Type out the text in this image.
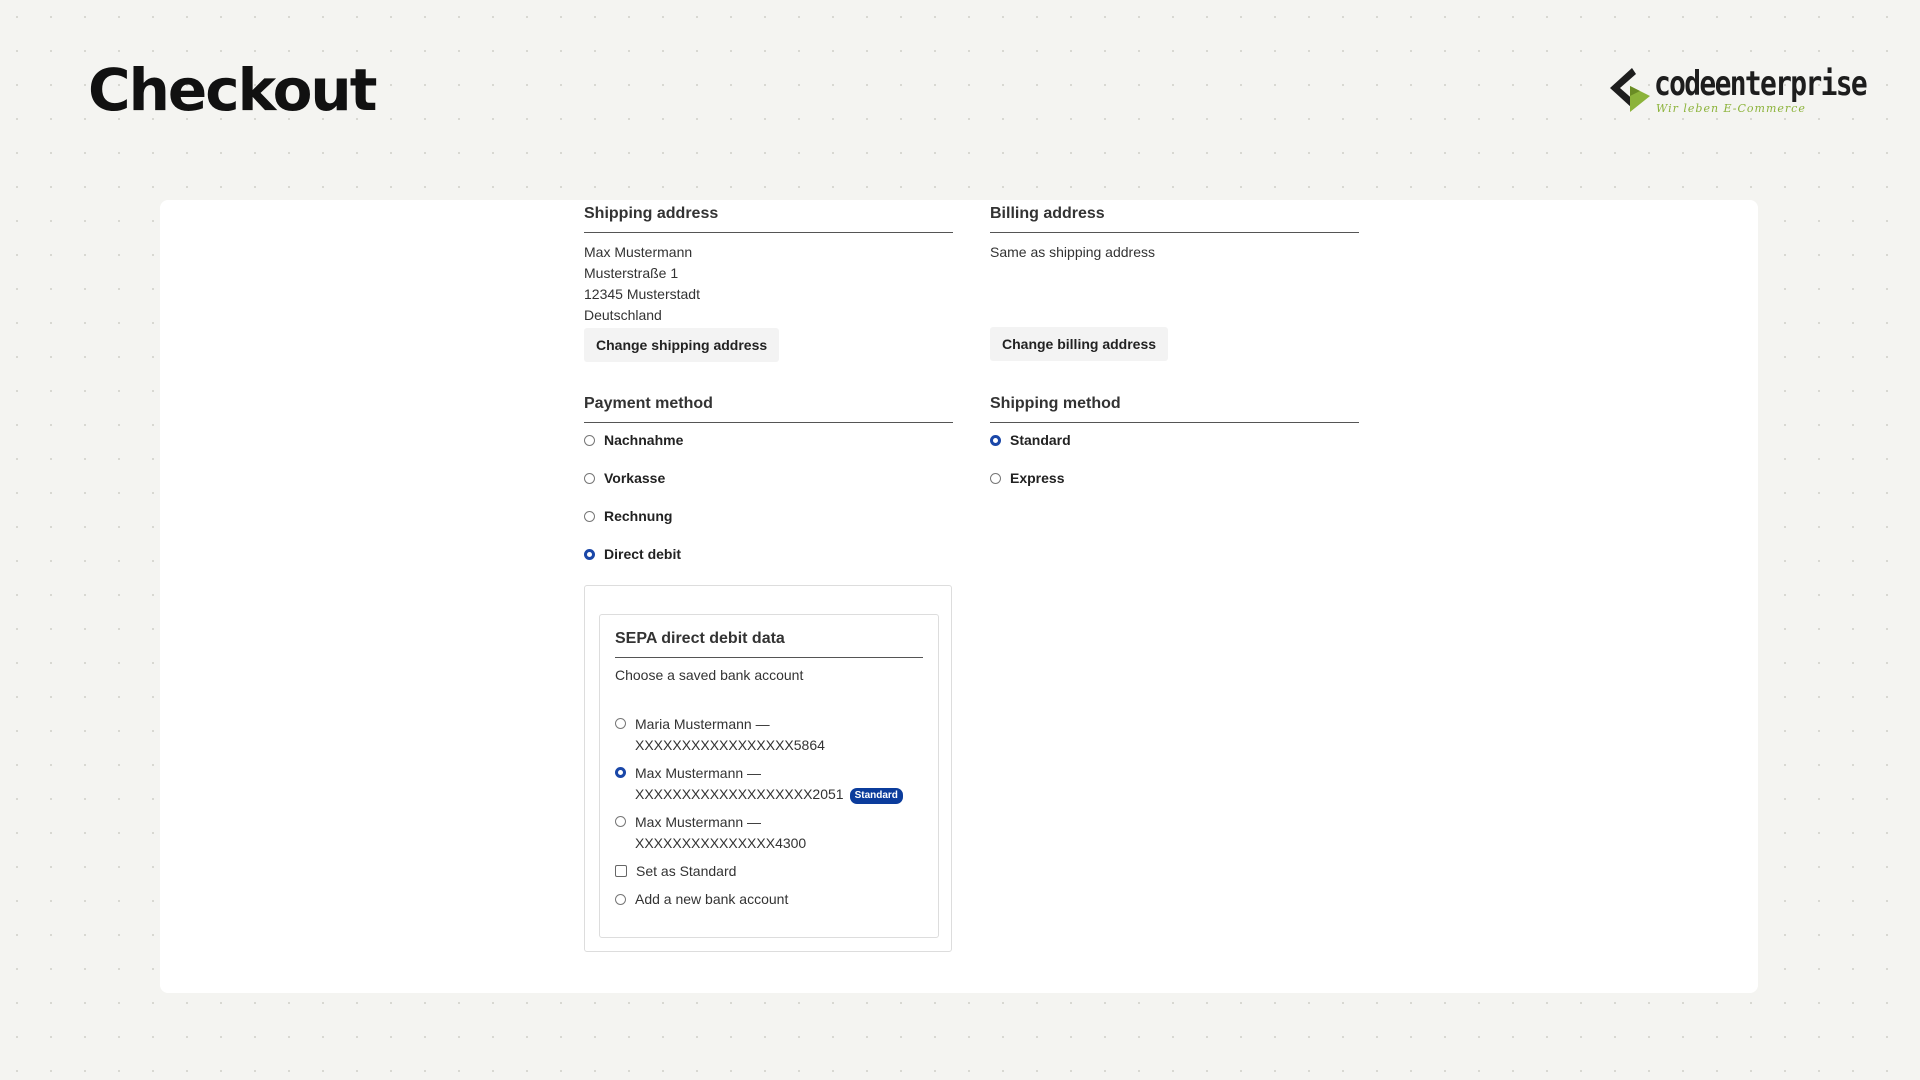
Checkout	codeenterprise
Wir leben E-Commerce
Shipping address
Max Mustermann
Musterstraße 1
12345 Musterstadt
Deutschland
Change shipping address
Billing address
Same as shipping address
Change billing address
Payment method
Nachnahme
Vorkasse
Rechnung
Direct debit
Shipping method
Standard
Express
SEPA direct debit data
Choose a saved bank account
Maria Mustermann —
XXXXXXXXXXXXXXXXX5864
Max Mustermann —
XXXXXXXXXXXXXXXXXXX2051 Standard
Max Mustermann —
XXXXXXXXXXXXXXX4300
Set as Standard
Add a new bank account
